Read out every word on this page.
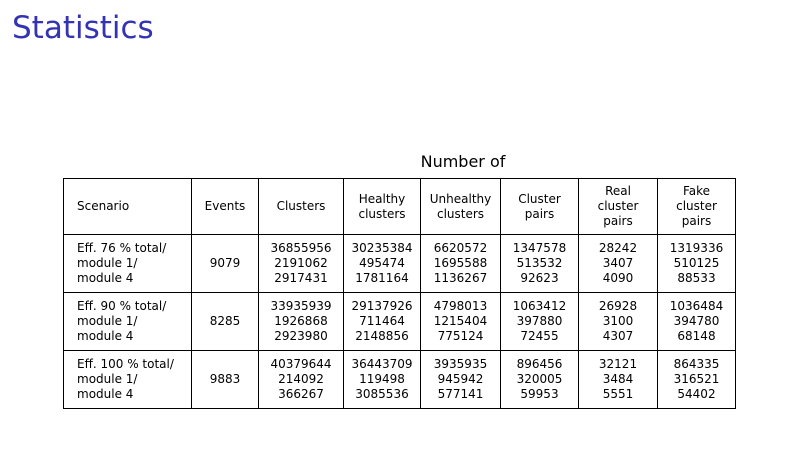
Statistics
Number of
Scenario	Events	Clusters	Healthy
clusters	Unhealthy
clusters	Cluster
pairs	Real
cluster
pairs	Fake
cluster
pairs

Eff. 76 % total/
module 1/
module 4	9079	36855956
2191062
2917431	30235384
495474
1781164	6620572
1695588
1136267	1347578
513532
92623	28242
3407
4090	1319336
510125
88533

Eff. 90 % total/
module 1/
module 4	8285	33935939
1926868
2923980	29137926
711464
2148856	4798013
1215404
775124	1063412
397880
72455	26928
3100
4307	1036484
394780
68148

Eff. 100 % total/
module 1/
module 4	9883	40379644
214092
366267	36443709
119498
3085536	3935935
945942
577141	896456
320005
59953	32121
3484
5551	864335
316521
54402
